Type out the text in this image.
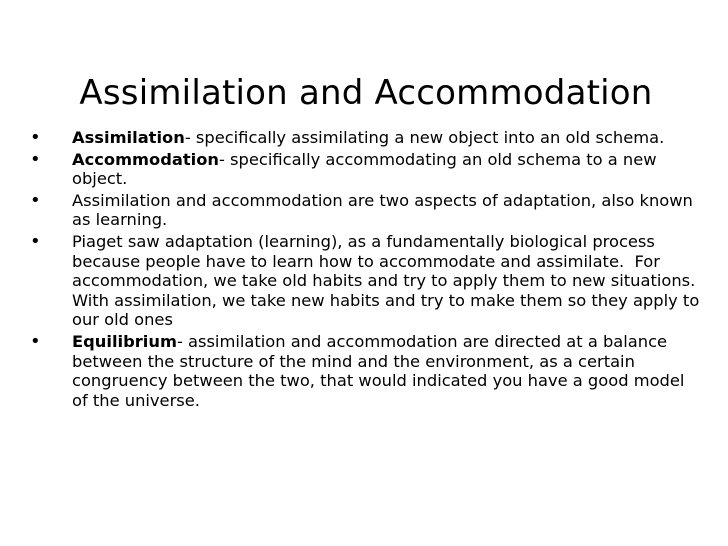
Assimilation and Accommodation
• Assimilation- specifically assimilating a new object into an old schema.
• Accommodation- specifically accommodating an old schema to a new object.
• Assimilation and accommodation are two aspects of adaptation, also known as learning.
• Piaget saw adaptation (learning), as a fundamentally biological process because people have to learn how to accommodate and assimilate.  For accommodation, we take old habits and try to apply them to new situations.  With assimilation, we take new habits and try to make them so they apply to our old ones
• Equilibrium- assimilation and accommodation are directed at a balance between the structure of the mind and the environment, as a certain congruency between the two, that would indicated you have a good model of the universe.
